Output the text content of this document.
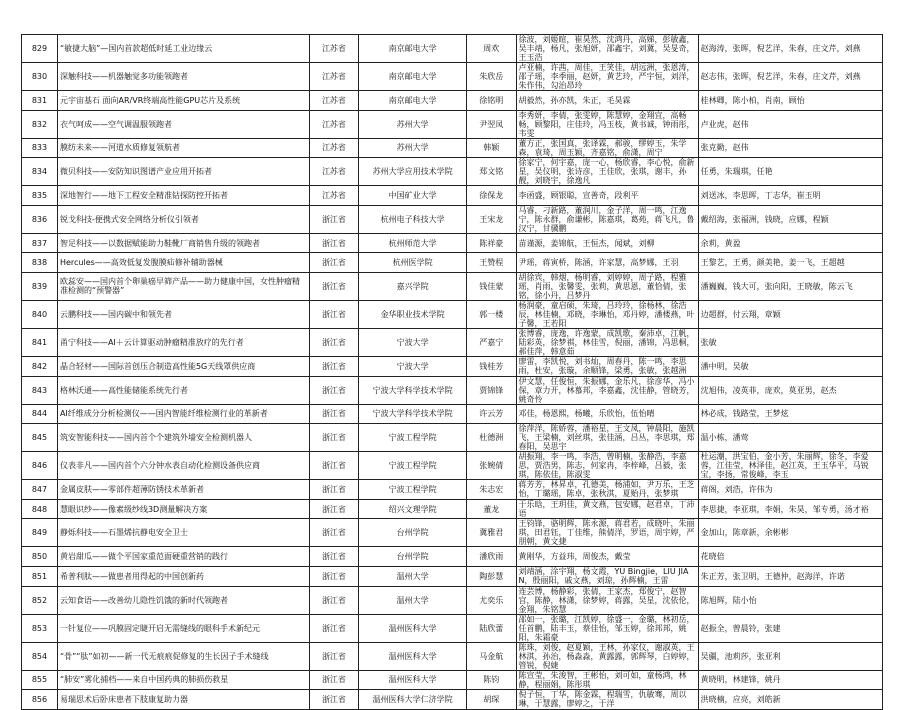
829	“敏捷大脑”—国内首款超低时延工业边缘云	江苏省	南京邮电大学	周欢	徐波，刘姬暄，崔昊然，沈鸿丹，高娣，彭敏鑫，吴丰靖，杨凡，张旭妍，邵鑫宇，刘冀，吴旻奇，王玉浩	赵海涛，张晖，倪艺洋，朱春，庄文芹，刘燕
830	深触科技——机器触觉多功能领跑者	江苏省	南京邮电大学	朱欣岳	卢亚楠，许茜，周佳，王笑佳，胡远洲，张恩涛，邵子瑶，李季丽，赵妍，黄艺玲，严宇恒，刘洋，朱作伟，勾治昂玲	赵志伟，张晖，倪艺洋，朱春，庄文芹，刘燕
831	元宇宙基石 面向AR/VR终端高性能GPU芯片及系统	江苏省	南京邮电大学	徐铭明	胡毅然，孙亦凯，朱正，毛昊霖	桂林卿，陈小柏，肖南，顾怡
832	衣气呵成——空气调温服领跑者	江苏省	苏州大学	尹翌凤	李秀妍，李倩，张雯婷，陈慧婷，金翔宜，高畅畅，顾黎阳，庄佳玲，冯玉枝，黄书诚，钟雨彤，韦雯	卢业虎，赵伟
833	膜纺未来——河道水质修复领航者	江苏省	苏州大学	韩颖	董方正，张国真，张译霖，郝骏，缪婷玉，朱学森，袁琦，周玉颖，齐嘉铭，俞潇，周宁	张克勤，赵伟
834	微贝科技——安防知识图谱产业应用开拓者	江苏省	苏州大学应用技术学院	郑文铭	徐家宁，何宇嘉，庞一心，杨欣睿，李心悦，俞新星，吴仪明，张诗彦，王佳欣，张琪，谢丰，孙靓，刘晓宇，徐逸凡	任勇，朱瑞琪，任艳
835	深地智行——地下工程安全精准钻探防控开拓者	江苏省	中国矿业大学	徐保龙	李函盛，顾银聪，宣善奇，段利平	刘送冰，李思晖，丁志华，崔玉明
836	锐戈科技-便携式安全网络分析仪引领者	浙江省	杭州电子科技大学	王宋龙	马睿，刁新路，董润川，金子洋，周一鸣，江逸宁，陈永群，俞谦彬，陈嘉琪，葛苑，蒋飞凡，鲁汉宁，甘骥鹏	戴绍海，张福洲，钱晓，应娜，程颖
837	智足科技——以数据赋能助力鞋靴厂商销售升级的领跑者	浙江省	杭州师范大学	陈祥豪	苗谨源，姜锦航，王恒杰，闻斌，刘柳	余莉，黄盈
838	Hercules——高效低复发腹膜疝修补辅助器械	浙江省	杭州医学院	王赞程	尹瑶，蒋寅桥，陈涵，许家慧，高梦娜，王羽	王黎艺，王勇，颜美艳，姜一飞，王超越
839	欧蕊安——国内首个卵巢癌早筛产品——助力健康中国，女性肿瘤精准检测的“预警器”	浙江省	嘉兴学院	钱佳蒙	胡徐宾，韩烟，杨明睿，刘婷婷，周子路，程雅瑶，肖雨，张馨雯，张莉，黄思恩，董恰倩，张铭，徐小丹，吕梦丹	潘巍巍，钱大可，张向阳，王晓敏，陈云飞
840	云鹏科技——国内碳中和领先者	浙江省	金华职业技术学院	郭一楼	杨润豪，童启硕，朱琦，吕玲玲，徐杨林，徐浩辰，林佳楠，邓晓，李琳怡，邓丹婷，潘楼燕，叶子馨，王若阳	边超群，付云翔，章颖
841	甬宁科技——AI＋云计算驱动肿瘤精准放疗的先行者	浙江省	宁波大学	严嘉宁	张博睿，庞逸，许逸蒙，成凯歌，秦沛卓，江帆，陆彩英，徐梦祺，林佳雪，倪丽，潘锦，冯思桐，郝佳萍，韩意茹	张敏
842	晶合轻材——国际首创压合制造高性能5G天线罩供应商	浙江省	宁波大学	钱桂芳	廖雷，李凯悦，刘书灿，周春丹，陈一鸣，李思雨，杜安，张璇，余顺锋，梁勇，张敏，张越洲	潘中明，吴敏
843	格林沃通——高性能储能系统先行者	浙江省	宁波大学科学技术学院	贾锦锋	伊文慧，任俊恒，朱振娜，金乐凡，徐彦华，冯小保，章力开，林慕邦，李嘉鑫，沈佳静，管晓芳，姚奇怜	沈旭伟，凌英菲，庞欢，莫亚男，赵杰
844	AI纤维成分分析检测仪——国内智能纤维检测行业的革新者	浙江省	宁波大学科学技术学院	许云芳	邓佳，杨恩熙，杨曦，乐欣怡，伍怡晴	林必成，钱路莹，王梦炫
845	筑安智能科技——国内首个个建筑外墙安全检测机器人	浙江省	宁波工程学院	杜德洲	徐萍洋，陈娇蓉，潘裕星，王文凤，钟晨阳，施凯飞，王梁楠，刘丝琪，张佳涵，吕丛，李思琪，郑春阳，吴思宇	温小栋，潘莺
846	仪表非凡——国内首个六分钟水表自动化检测设备供应商	浙江省	宁波工程学院	张婉倩	胡振翔，李一鸣，李浩，曾明楠，张静浩，李嘉思，贾浩男，陈志，何家冉，李梓峰，吕毅，张琪，陈依佳，陈淑雯	杜运潮，洪宝伯，金小芳，朱丽辉，徐冬，李爱蓉，江佳莹，林泽佳，赵江英，王玉华平，马锐宝，李扬，常俊峰，李玉
847	金属皮肤——零部件超薄防锈技术革新者	浙江省	宁波工程学院	朱志宏	蒋芳芳，林昇卓，孔德美，杨浦如，尹万乐，王芝怡，丁璐瑶，陈卓，张秋淇，夏贻丹，张梦琪	蒋阁，刘浩，许伟为
848	慧眼识纱——像素级纱线3D测量解决方案	浙江省	绍兴文理学院	董龙	于乐晗，王玥佳，黄文燕，包安娜，赵君卓，丁沛语	李思捷，李亚琪，李娟，朱昊，邹专勇，汤才裕
849	静烁科技——石墨烯抗静电安全卫士	浙江省	台州学院	冀雅君	王钧锋，骆明辉，陈永源，蒋君若，成晓叶，朱丽琪，田君钰，丁佳维，熊倩洋，罗语，周宇婷，严朋朝，黄文捷	金加山，陈章新，余彬彬
850	黄岩甜瓜——做个平国家重范面硬重营销的践行	浙江省	台州学院	潘欣雨	黄刚华，方益玮，周俊杰，戴莹	花晓倍
851	希普利肽——做患者用得起的中国创新药	浙江省	温州大学	陶彭慧	刘靖涵，涂宇翔，杨文霞，YU Bingjie，LIU JIAN，殷丽阳，戚文燕，刘琼，孙辉楠，王雷	朱正芳，张卫明，王德仲，赵海洋，许诺
852	云知食语——改善幼儿隐性饥饿的新时代领跑者	浙江省	温州大学	尤奕乐	连芸博，杨静彩，张倩，王家杰，郑俊宁，赵智宫，陈静，林潇，徐梦婷，蒋露，吴星，沈依伦，金翔，朱铭慧	陈旭辉，陆小怡
853	一针复位——巩膜固定睫开启无需缝线的眼科手术新纪元	浙江省	温州医科大学	陆欣蕾	邵如一，张璐，江凯婷，徐盛一，金璐，林初岳，任首鹏，陆丰玉，蔡佳怡，邹玉婷，徐邦邦，姚阳，朱霜豪	赵振全，曾晨铃，张建
854	“骨”“肽”如初——新一代无痕痕促修复的生长因子手术缝线	浙江省	温州医科大学	马金航	陈珠，刘俊，赵夏颖，王林，孙家仪，谢淑英，王林淇，孙治，杨淼淼，黄露露，郭辉琴，白婷婷，管锐，倪婕	吴疆，池莉莎，张亚利
855	“肺安”雾化捕档——来自中国药典的肺损伤救星	浙江省	温州医科大学	陈钧	陈宣莹，朱浚智，王彬怡，刘可如，童杨鸿，林静，程丽娟，陈彤琪	黄晓明，林建锋，姚丹
856	易瑞思术后卧床患者下肢康复助力器	浙江省	温州医科大学仁济学院	胡琛	倪子恒，丁华，陈金霖，程瑞雪，仇敏骞，周以琳，于慧露，廖婷之，于洋	洪晓楠，应亮，刘皓新
